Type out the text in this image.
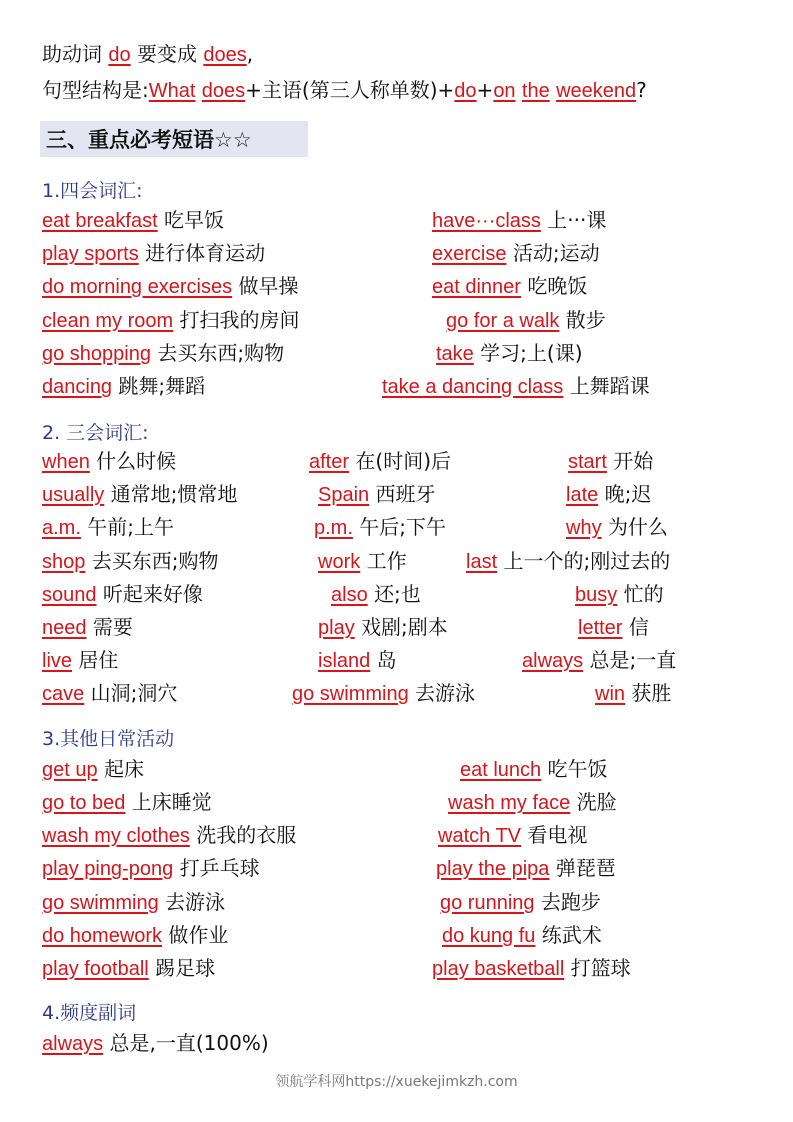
助动词 do 要变成 does,
句型结构是:What does+主语(第三人称单数)+do+on the weekend?
三、重点必考短语☆☆
1.四会词汇:
eat breakfast 吃早饭	have···class 上···课
play sports 进行体育运动	exercise 活动;运动
do morning exercises 做早操	eat dinner 吃晚饭
clean my room 打扫我的房间	go for a walk 散步
go shopping 去买东西;购物	take 学习;上(课)
dancing 跳舞;舞蹈	take a dancing class 上舞蹈课
2. 三会词汇:
when 什么时候	after 在(时间)后	start 开始
usually 通常地;惯常地	Spain 西班牙	late 晚;迟
a.m. 午前;上午	p.m. 午后;下午	why 为什么
shop 去买东西;购物	work 工作	last 上一个的;刚过去的
sound 听起来好像	also 还;也	busy 忙的
need 需要	play 戏剧;剧本	letter 信
live 居住	island 岛	always 总是;一直
cave 山洞;洞穴	go swimming 去游泳	win 获胜
3.其他日常活动
get up 起床	eat lunch 吃午饭
go to bed 上床睡觉	wash my face 洗脸
wash my clothes 洗我的衣服	watch TV 看电视
play ping-pong 打乒乓球	play the pipa 弹琵琶
go swimming 去游泳	go running 去跑步
do homework 做作业	do kung fu 练武术
play football 踢足球	play basketball 打篮球
4.频度副词
always 总是,一直(100%)
领航学科网https://xuekejimkzh.com
